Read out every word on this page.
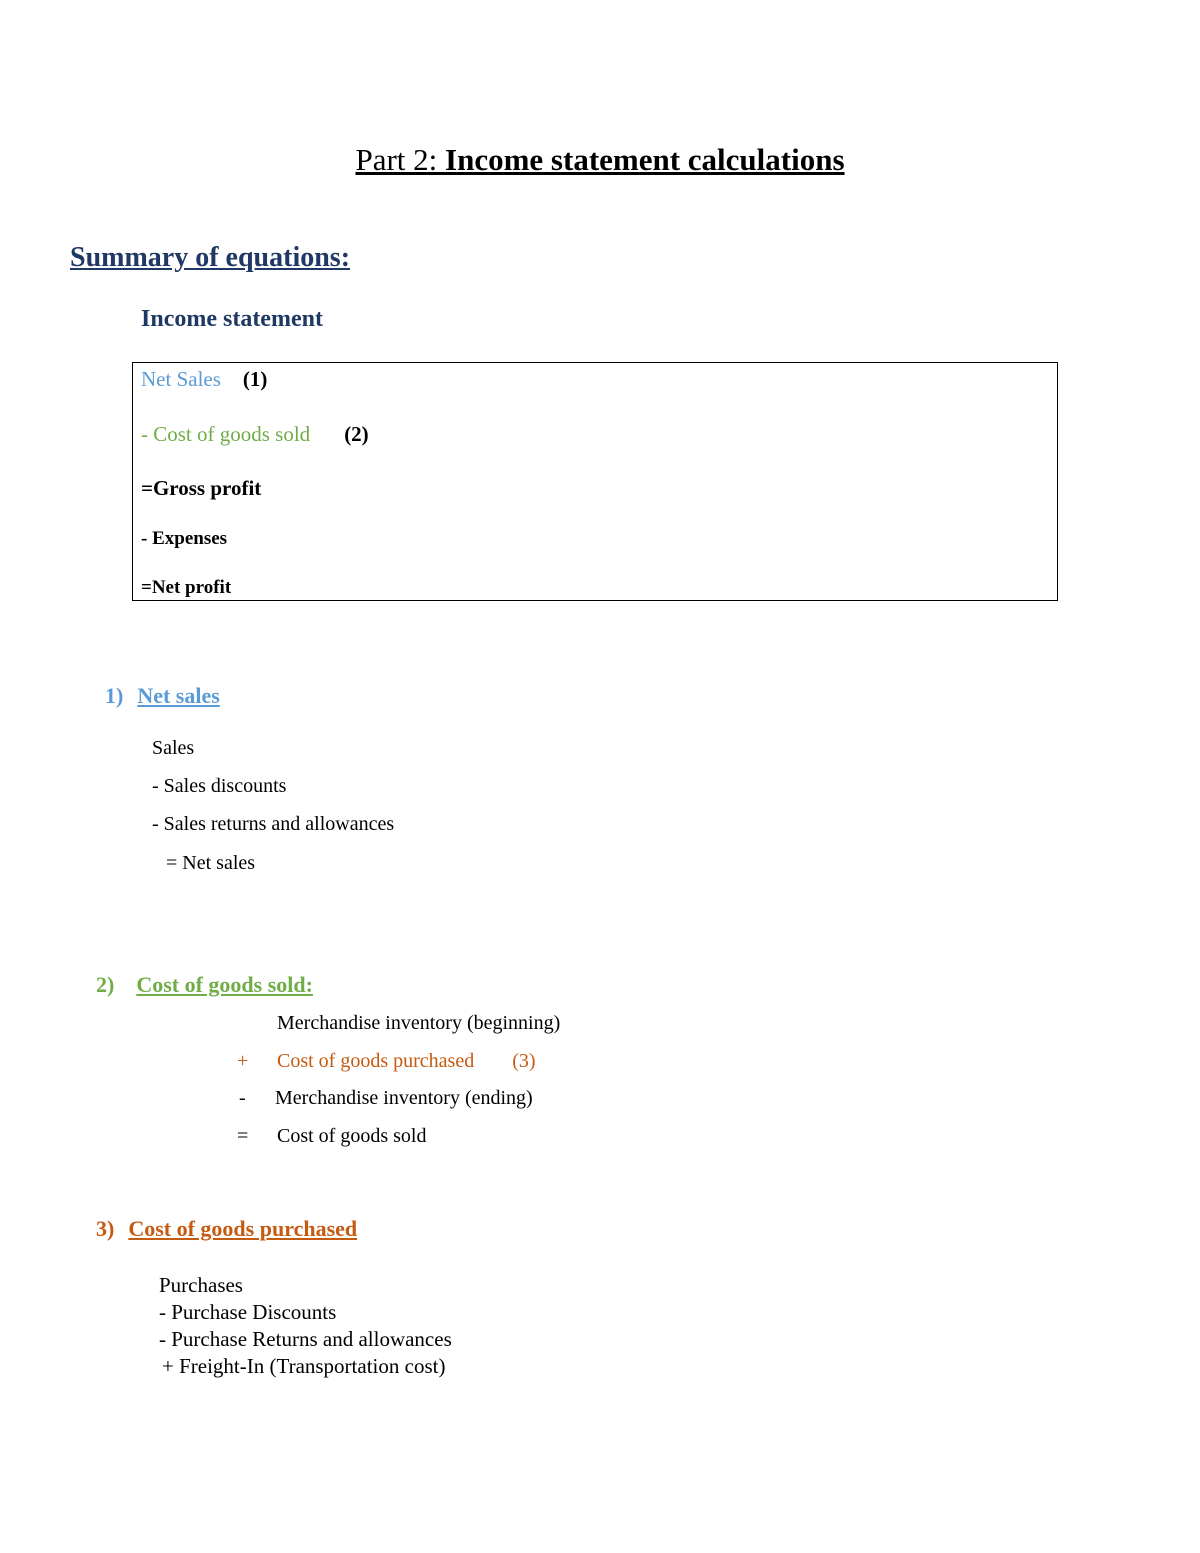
Part 2: Income statement calculations
Summary of equations:
Income statement
Net Sales (1)
- Cost of goods sold (2)
=Gross profit
- Expenses
=Net profit
1) Net sales
Sales
- Sales discounts
- Sales returns and allowances
= Net sales
2) Cost of goods sold:
Merchandise inventory (beginning)
+ Cost of goods purchased (3)
- Merchandise inventory (ending)
= Cost of goods sold
3) Cost of goods purchased
Purchases
- Purchase Discounts
- Purchase Returns and allowances
+ Freight-In (Transportation cost)
